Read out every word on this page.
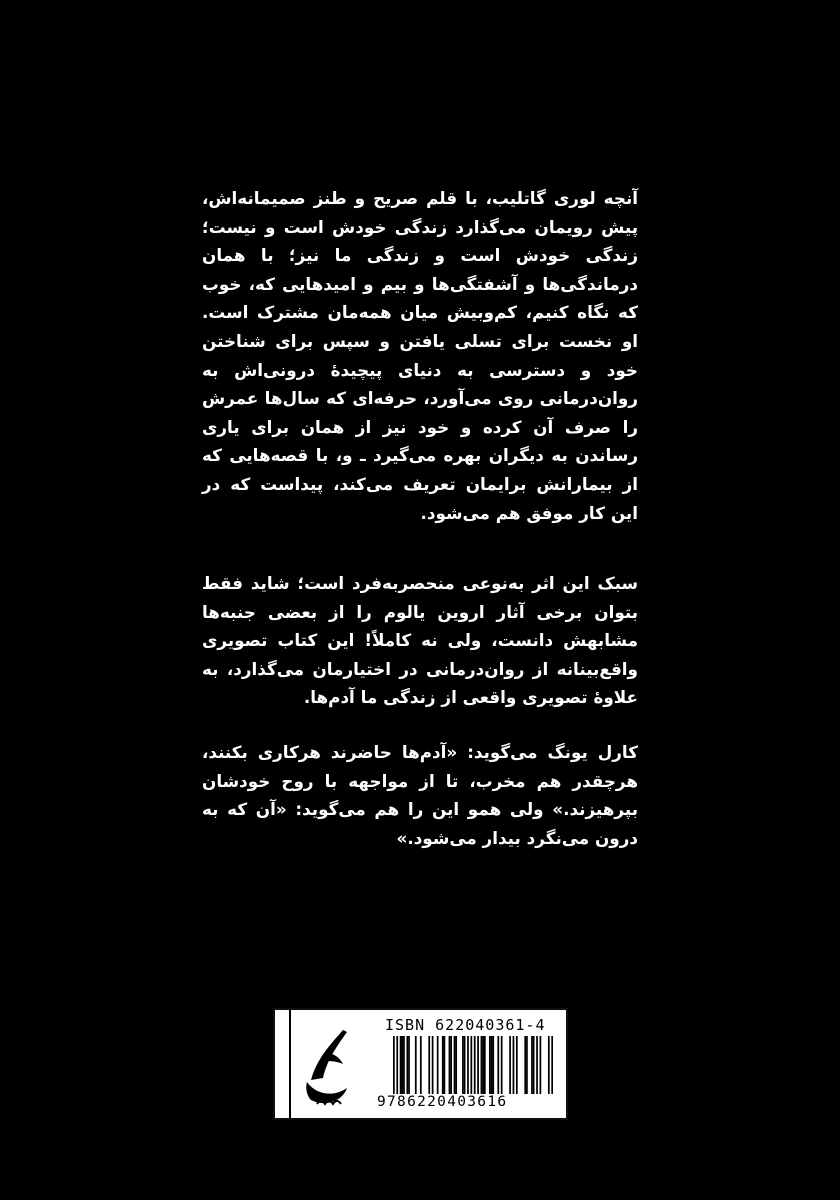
آنچه لوری گاتلیب، با قلم صریح و طنز صمیمانه‌اش، پیش رویمان می‌گذارد زندگی خودش است و نیست؛ زندگی خودش است و زندگی ما نیز؛ با همان درماندگی‌ها و آشفتگی‌ها و بیم و امیدهایی که، خوب که نگاه کنیم، کم‌وبیش میان همه‌مان مشترک است. او نخست برای تسلی یافتن و سپس برای شناختن خود و دسترسی به دنیای پیچیدهٔ درونی‌اش به روان‌درمانی روی می‌آورد، حرفه‌ای که سال‌ها عمرش را صرف آن کرده و خود نیز از همان برای یاری رساندن به دیگران بهره می‌گیرد ـ و، با قصه‌هایی که از بیمارانش برایمان تعریف می‌کند، پیداست که در این کار موفق هم می‌شود.
سبک این اثر به‌نوعی منحصربه‌فرد است؛ شاید فقط بتوان برخی آثار اروین یالوم را از بعضی جنبه‌ها مشابهش دانست، ولی نه کاملاً! این کتاب تصویری واقع‌بینانه از روان‌درمانی در اختیارمان می‌گذارد، به علاوهٔ تصویری واقعی از زندگی ما آدم‌ها.
کارل یونگ می‌گوید: «آدم‌ها حاضرند هرکاری بکنند، هرچقدر هم مخرب، تا از مواجهه با روح خودشان بپرهیزند.» ولی همو این را هم می‌گوید: «آن که به درون می‌نگرد بیدار می‌شود.»
ISBN 622040361-4
9786220403616
